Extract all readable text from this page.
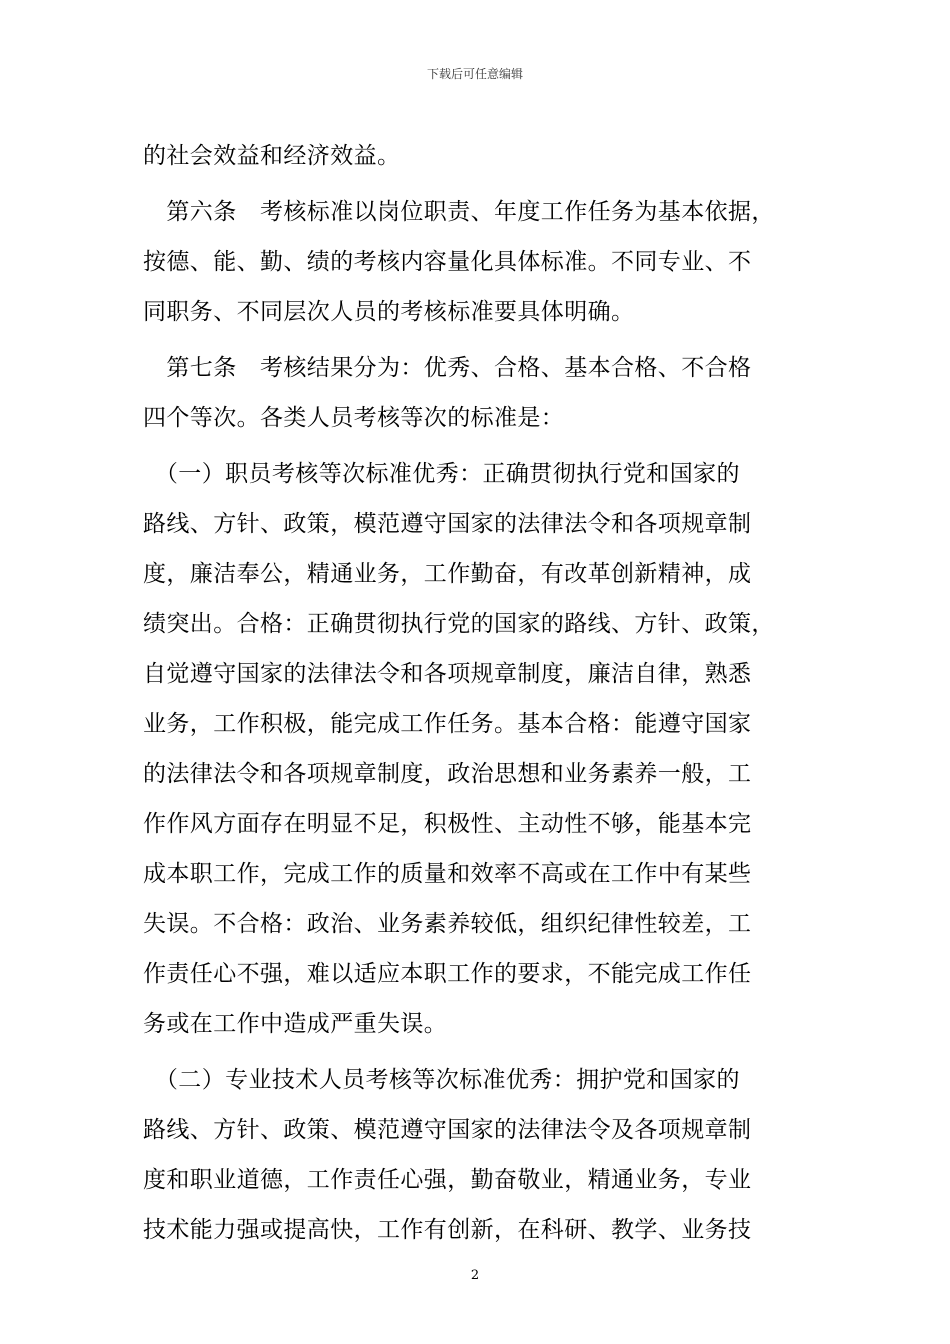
下载后可任意编辑
的社会效益和经济效益。
　第六条　考核标准以岗位职责、年度工作任务为基本依据，
按德、能、勤、绩的考核内容量化具体标准。不同专业、不
同职务、不同层次人员的考核标准要具体明确。
　第七条　考核结果分为：优秀、合格、基本合格、不合格
四个等次。各类人员考核等次的标准是：
　（一）职员考核等次标准优秀：正确贯彻执行党和国家的
路线、方针、政策，模范遵守国家的法律法令和各项规章制
度，廉洁奉公，精通业务，工作勤奋，有改革创新精神，成
绩突出。合格：正确贯彻执行党的国家的路线、方针、政策，
自觉遵守国家的法律法令和各项规章制度，廉洁自律，熟悉
业务，工作积极，能完成工作任务。基本合格：能遵守国家
的法律法令和各项规章制度，政治思想和业务素养一般，工
作作风方面存在明显不足，积极性、主动性不够，能基本完
成本职工作，完成工作的质量和效率不高或在工作中有某些
失误。不合格：政治、业务素养较低，组织纪律性较差，工
作责任心不强，难以适应本职工作的要求，不能完成工作任
务或在工作中造成严重失误。
　（二）专业技术人员考核等次标准优秀：拥护党和国家的
路线、方针、政策、模范遵守国家的法律法令及各项规章制
度和职业道德，工作责任心强，勤奋敬业，精通业务，专业
技术能力强或提高快，工作有创新，在科研、教学、业务技
2
